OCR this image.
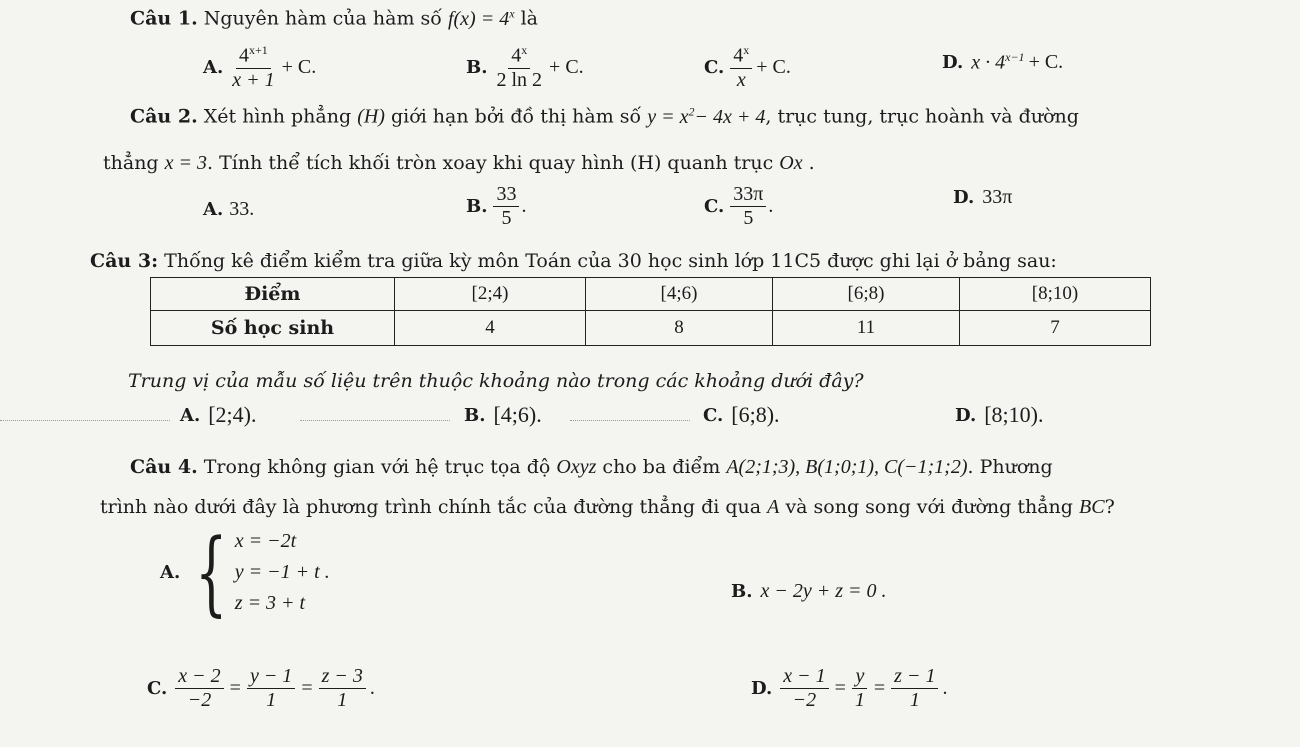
Câu 1. Nguyên hàm của hàm số $f(x) = 4^x$ là
A. $\frac{4^{x+1}}{x + 1} + C$.	B. $\frac{4^x}{2 \ln 2} + C$.	C. $\frac{4^x}{x} + C$.	D. $x \cdot 4^{x-1} + C$.
Câu 2. Xét hình phẳng (H) giới hạn bởi đồ thị hàm số $y = x^2- 4x + 4$, trục tung, trục hoành và đường
thẳng x = 3. Tính thể tích khối tròn xoay khi quay hình (H) quanh trục Ox .
A. 33.	B. $\frac{33}{5}$ .	C. $\frac{33\pi}{5}$ .	D. 33π
Câu 3: Thống kê điểm kiểm tra giữa kỳ môn Toán của 30 học sinh lớp 11C5 được ghi lại ở bảng sau:
Điểm	[2;4)	[4;6)	[6;8)	[8;10)
Số học sinh	4	8	11	7
Trung vị của mẫu số liệu trên thuộc khoảng nào trong các khoảng dưới đây?
A. [2;4).	B. [4;6).	C. [6;8).	D. [8;10).
Câu 4. Trong không gian với hệ trục tọa độ Oxyz cho ba điểm A(2;1;3), B(1;0;1), C(−1;1;2). Phương
trình nào dưới đây là phương trình chính tắc của đường thẳng đi qua A và song song với đường thẳng BC?
A. { x = −2t
y = −1 + t .
z = 3 + t
B. x − 2y + z = 0 .
C. $\frac{x - 2}{-2} = \frac{y - 1}{1} = \frac{z - 3}{1}$ .	D. $\frac{x - 1}{-2} = \frac{y}{1} = \frac{z - 1}{1}$ .
